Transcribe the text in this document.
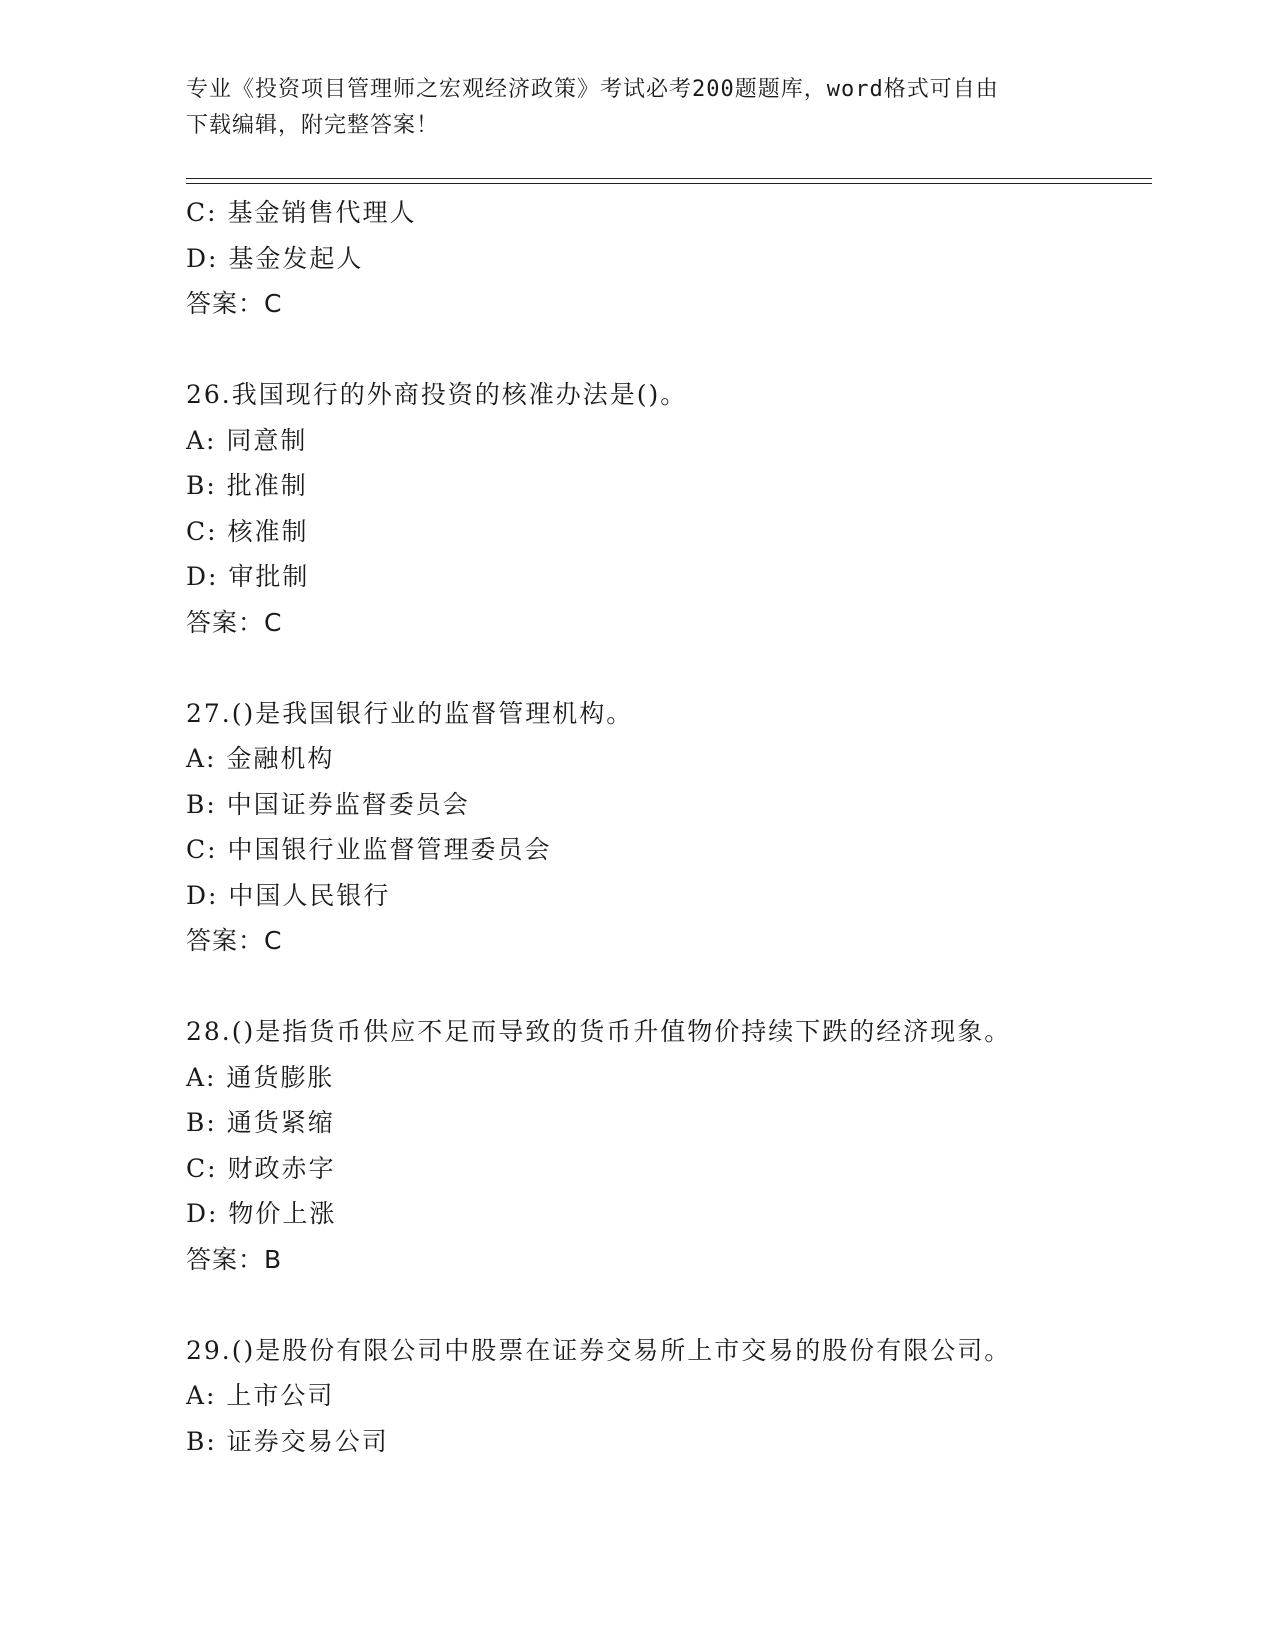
专业《投资项目管理师之宏观经济政策》考试必考200题题库，word格式可自由
下载编辑，附完整答案！
C: 基金销售代理人
D: 基金发起人
答案：C
26.我国现行的外商投资的核准办法是()。
A: 同意制
B: 批准制
C: 核准制
D: 审批制
答案：C
27.()是我国银行业的监督管理机构。
A: 金融机构
B: 中国证券监督委员会
C: 中国银行业监督管理委员会
D: 中国人民银行
答案：C
28.()是指货币供应不足而导致的货币升值物价持续下跌的经济现象。
A: 通货膨胀
B: 通货紧缩
C: 财政赤字
D: 物价上涨
答案：B
29.()是股份有限公司中股票在证券交易所上市交易的股份有限公司。
A: 上市公司
B: 证券交易公司
